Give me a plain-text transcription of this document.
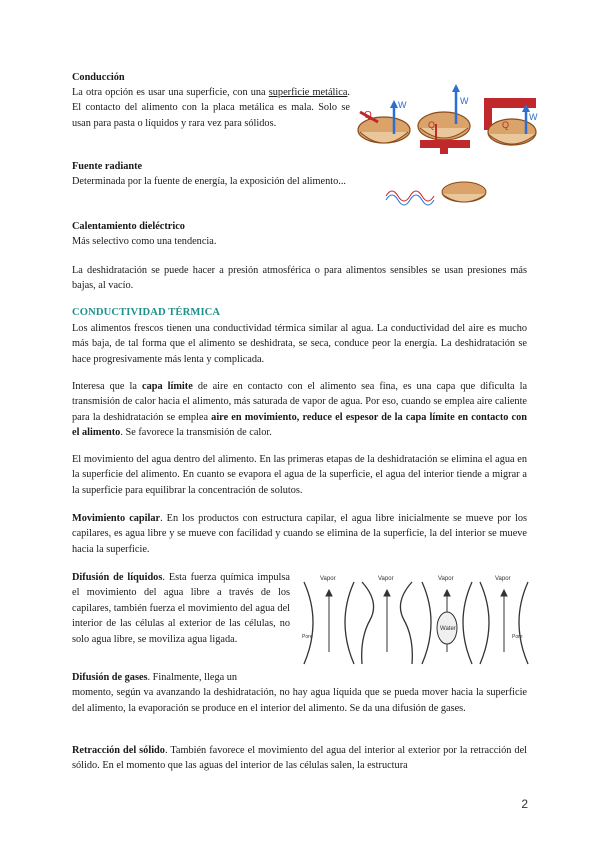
Conducción
La otra opción es usar una superficie, con una superficie metálica. El contacto del alimento con la placa metálica es mala. Solo se usan para pasta o líquidos y rara vez para sólidos.

Q
W	W
Q
W
Q

Fuente radiante
Determinada por la fuente de energía, la exposición del alimento...

Calentamiento dieléctrico
Más selectivo como una tendencia.

La deshidratación se puede hacer a presión atmosférica o para alimentos sensibles se usan presiones más bajas, al vacío.

CONDUCTIVIDAD TÉRMICA

Los alimentos frescos tienen una conductividad térmica similar al agua. La conductividad del aire es mucho más baja, de tal forma que el alimento se deshidrata, se seca, conduce peor la energía. La deshidratación se hace progresivamente más lenta y complicada.

Interesa que la capa límite de aire en contacto con el alimento sea fina, es una capa que dificulta la transmisión de calor hacia el alimento, más saturada de vapor de agua. Por eso, cuando se emplea aire caliente para la deshidratación se emplea aire en movimiento, reduce el espesor de la capa límite en contacto con el alimento. Se favorece la transmisión de calor.

El movimiento del agua dentro del alimento. En las primeras etapas de la deshidratación se elimina el agua en la superficie del alimento. En cuanto se evapora el agua de la superficie, el agua del interior tiende a migrar a la superficie para equilibrar la concentración de solutos.

Movimiento capilar. En los productos con estructura capilar, el agua libre inicialmente se mueve por los capilares, es agua libre y se mueve con facilidad y cuando se elimina de la superficie, la del interior se mueve hacia la superficie.

Difusión de líquidos. Esta fuerza química impulsa el movimiento del agua libre a través de los capilares, también fuerza el movimiento del agua del interior de las células al exterior de las células, no solo agua libre, se moviliza agua ligada.

Vapor	Vapor	Vapor
Vapor
Water
Pore	Pore

Difusión de gases. Finalmente, llega un
momento, según va avanzando la deshidratación, no hay agua líquida que se pueda mover hacia la superficie del alimento, la evaporación se produce en el interior del alimento. Se da una difusión de gases.

Retracción del sólido. También favorece el movimiento del agua del interior al exterior por la retracción del sólido. En el momento que las aguas del interior de las células salen, la estructura

2
